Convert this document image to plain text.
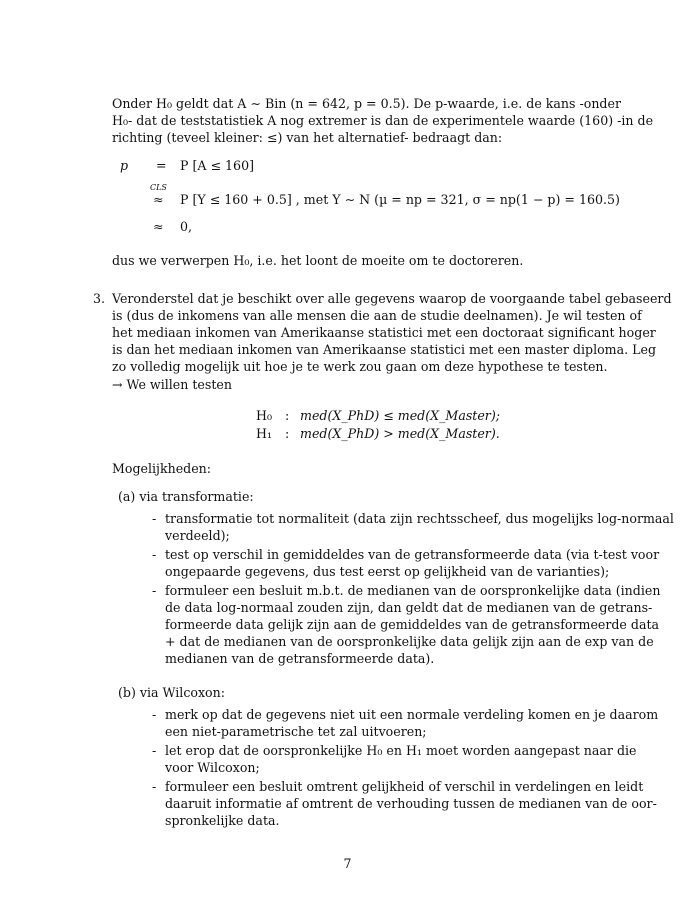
Onder H₀ geldt dat A ∼ Bin (n = 642, p = 0.5). De p-waarde, i.e. de kans -onder
H₀- dat de teststatistiek A nog extremer is dan de experimentele waarde (160) -in de
richting (teveel kleiner: ≤) van het alternatief- bedraagt dan:
p = P [A ≤ 160]
CLS
≈ P [Y ≤ 160 + 0.5] , met Y ∼ N (µ = np = 321, σ = np(1 − p) = 160.5)
≈ 0,
dus we verwerpen H₀, i.e. het loont de moeite om te doctoreren.
3. Veronderstel dat je beschikt over alle gegevens waarop de voorgaande tabel gebaseerd
is (dus de inkomens van alle mensen die aan de studie deelnamen). Je wil testen of
het mediaan inkomen van Amerikaanse statistici met een doctoraat significant hoger
is dan het mediaan inkomen van Amerikaanse statistici met een master diploma. Leg
zo volledig mogelijk uit hoe je te werk zou gaan om deze hypothese te testen.
→ We willen testen
H₀ : med(X_PhD) ≤ med(X_Master);
H₁ : med(X_PhD) > med(X_Master).
Mogelijkheden:
(a) via transformatie:
- transformatie tot normaliteit (data zijn rechtsscheef, dus mogelijks log-normaal
verdeeld);
- test op verschil in gemiddeldes van de getransformeerde data (via t-test voor
ongepaarde gegevens, dus test eerst op gelijkheid van de varianties);
- formuleer een besluit m.b.t. de medianen van de oorspronkelijke data (indien
de data log-normaal zouden zijn, dan geldt dat de medianen van de getrans-
formeerde data gelijk zijn aan de gemiddeldes van de getransformeerde data
+ dat de medianen van de oorspronkelijke data gelijk zijn aan de exp van de
medianen van de getransformeerde data).
(b) via Wilcoxon:
- merk op dat de gegevens niet uit een normale verdeling komen en je daarom
een niet-parametrische tet zal uitvoeren;
- let erop dat de oorspronkelijke H₀ en H₁ moet worden aangepast naar die
voor Wilcoxon;
- formuleer een besluit omtrent gelijkheid of verschil in verdelingen en leidt
daaruit informatie af omtrent de verhouding tussen de medianen van de oor-
spronkelijke data.
7
